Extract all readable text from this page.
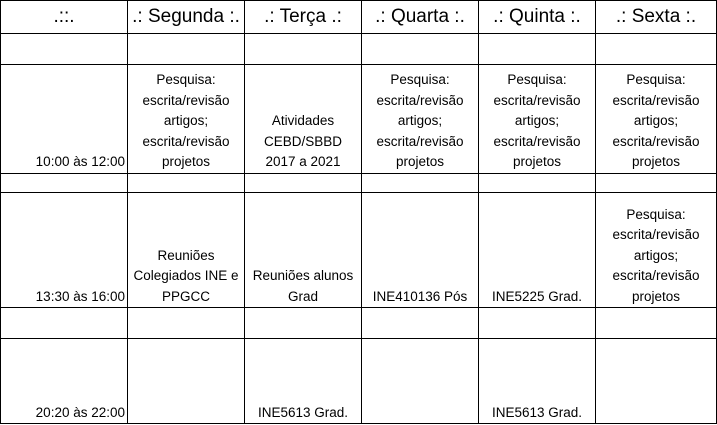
.::.	.: Segunda :.	.: Terça .:	.: Quarta :.	.: Quinta :.	.: Sexta :.

10:00 às 12:00	Pesquisa:
escrita/revisão
artigos;
escrita/revisão
projetos	Atividades
CEBD/SBBD
2017 a 2021	Pesquisa:
escrita/revisão
artigos;
escrita/revisão
projetos	Pesquisa:
escrita/revisão
artigos;
escrita/revisão
projetos	Pesquisa:
escrita/revisão
artigos;
escrita/revisão
projetos

13:30 às 16:00	Reuniões
Colegiados INE e
PPGCC	Reuniões alunos
Grad	INE410136 Pós	INE5225 Grad.	Pesquisa:
escrita/revisão
artigos;
escrita/revisão
projetos

20:20 às 22:00		INE5613 Grad.		INE5613 Grad.	
